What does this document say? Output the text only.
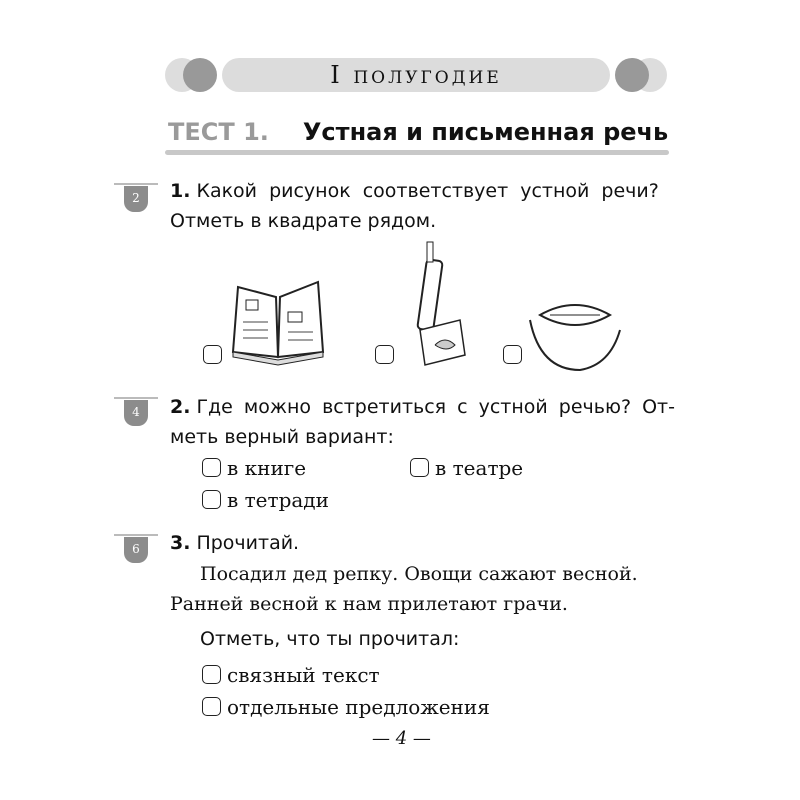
I полугодие
ТЕСТ 1. Устная и письменная речь
2	1. Какой рисунок соответствует устной речи?
Отметь в квадрате рядом.
4	2. Где можно встретиться с устной речью? От-
меть верный вариант:
в книге	в театре
в тетради
6	3. Прочитай.
Посадил дед репку. Овощи сажают весной.
Ранней весной к нам прилетают грачи.
Отметь, что ты прочитал:
связный текст
отдельные предложения
— 4 —
